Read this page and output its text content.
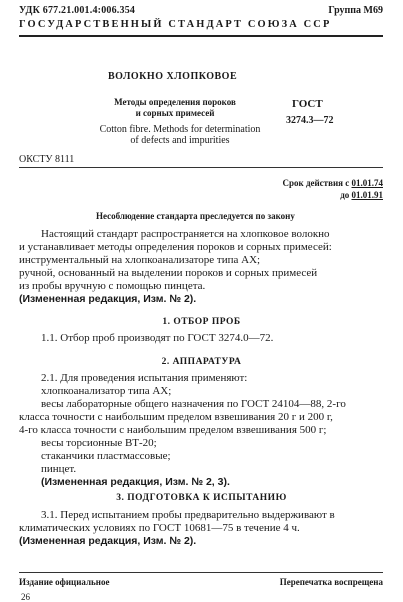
УДК 677.21.001.4:006.354	Группа М69
ГОСУДАРСТВЕННЫЙ СТАНДАРТ СОЮЗА ССР
ВОЛОКНО ХЛОПКОВОЕ
Методы определения пороков
и сорных примесей
Cotton fibre. Methods for determination
of defects and impurities
ГОСТ
3274.3—72
ОКСТУ 8111
Срок действия с 01.01.74
до 01.01.91
Несоблюдение стандарта преследуется по закону

Настоящий стандарт распространяется на хлопковое волокно

и устанавливает методы определения пороков и сорных примесей:

инструментальный на хлопкоанализаторе типа АХ;

ручной, основанный на выделении пороков и сорных примесей

из пробы вручную с помощью пинцета.

(Измененная редакция, Изм. № 2).

1. ОТБОР ПРОБ

1.1. Отбор проб производят по ГОСТ 3274.0—72.

2. АППАРАТУРА

2.1. Для проведения испытания применяют:

хлопкоанализатор типа АХ;

весы лабораторные общего назначения по ГОСТ 24104—88, 2-го

класса точности с наибольшим пределом взвешивания 20 г и 200 г,

4-го класса точности с наибольшим пределом взвешивания 500 г;

весы торсионные ВТ-20;

стаканчики пластмассовые;

пинцет.

(Измененная редакция, Изм. № 2, 3).

3. ПОДГОТОВКА К ИСПЫТАНИЮ

3.1. Перед испытанием пробы предварительно выдерживают в

климатических условиях по ГОСТ 10681—75 в течение 4 ч.

(Измененная редакция, Изм. № 2).

Издание официальное	Перепечатка воспрещена
26
